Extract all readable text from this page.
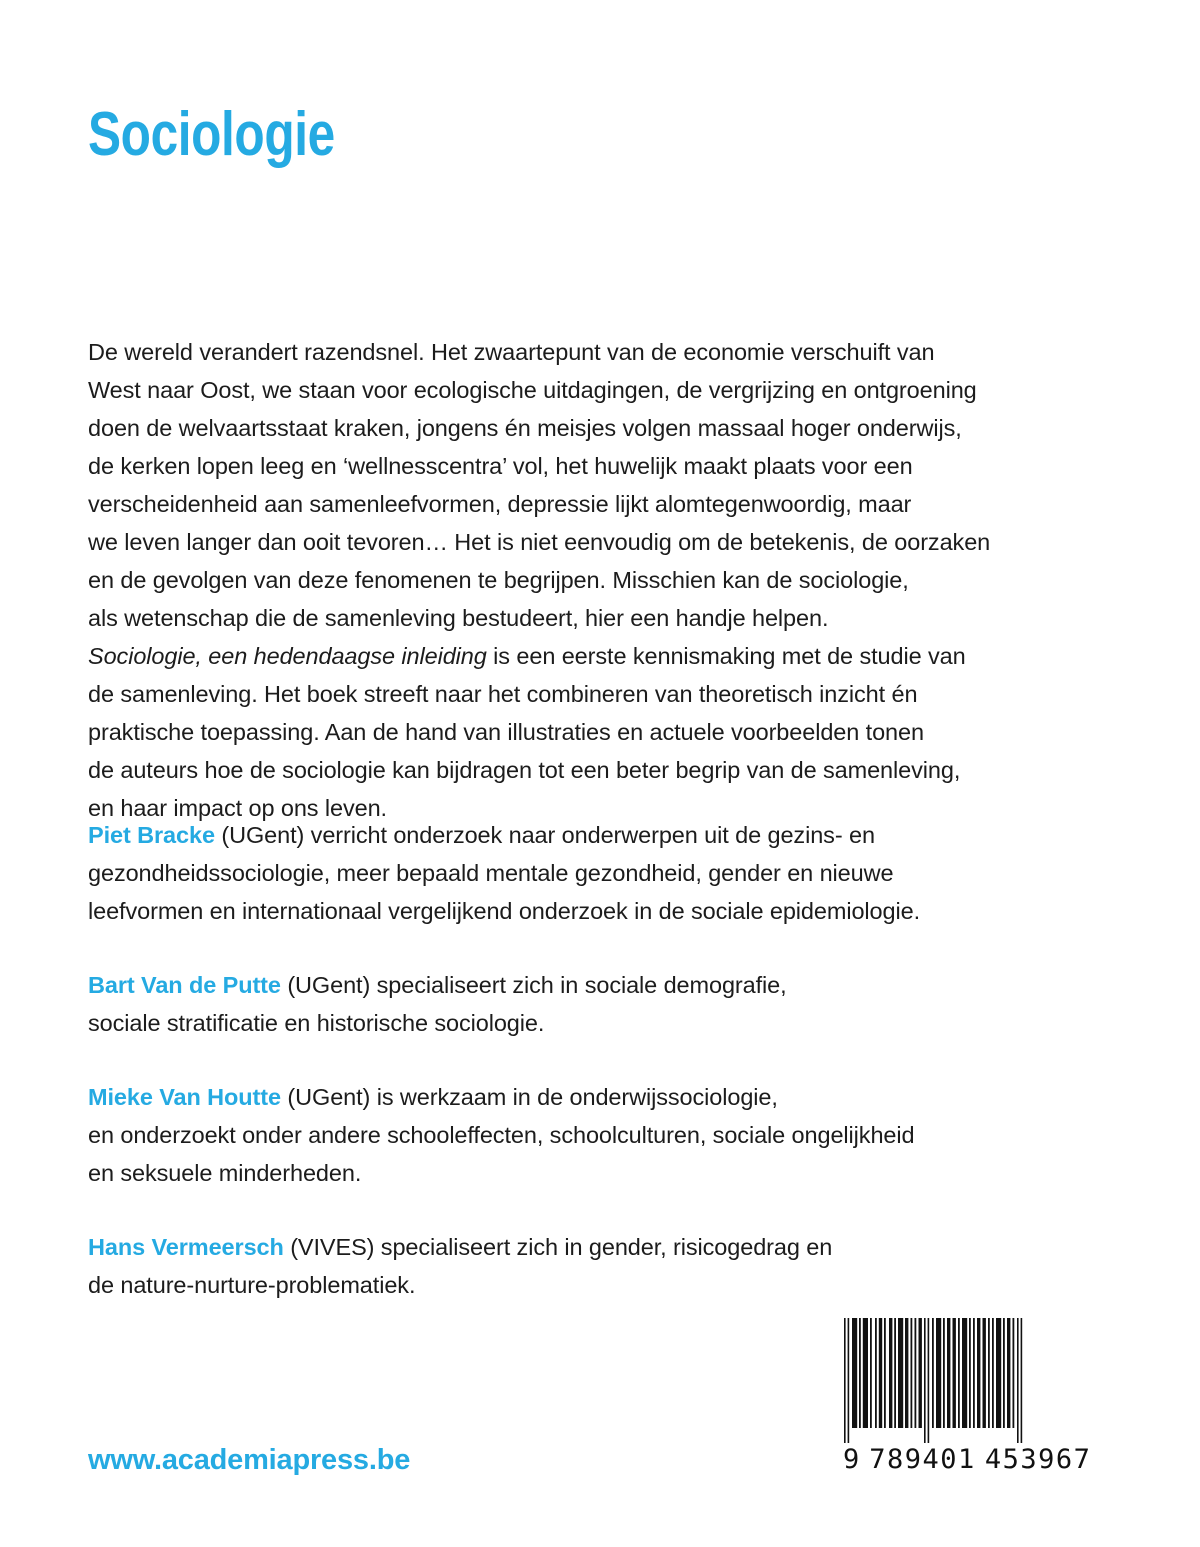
Sociologie
De wereld verandert razendsnel. Het zwaartepunt van de economie verschuift van
West naar Oost, we staan voor ecologische uitdagingen, de vergrijzing en ontgroening
doen de welvaartsstaat kraken, jongens én meisjes volgen massaal hoger onderwijs,
de kerken lopen leeg en ‘wellnesscentra’ vol, het huwelijk maakt plaats voor een
verscheidenheid aan samenleefvormen, depressie lijkt alomtegenwoordig, maar
we leven langer dan ooit tevoren… Het is niet eenvoudig om de betekenis, de oorzaken
en de gevolgen van deze fenomenen te begrijpen. Misschien kan de sociologie,
als wetenschap die de samenleving bestudeert, hier een handje helpen.
Sociologie, een hedendaagse inleiding is een eerste kennismaking met de studie van
de samenleving. Het boek streeft naar het combineren van theoretisch inzicht én
praktische toepassing. Aan de hand van illustraties en actuele voorbeelden tonen
de auteurs hoe de sociologie kan bijdragen tot een beter begrip van de samenleving,
en haar impact op ons leven.
Piet Bracke (UGent) verricht onderzoek naar onderwerpen uit de gezins- en
gezondheidssociologie, meer bepaald mentale gezondheid, gender en nieuwe
leefvormen en internationaal vergelijkend onderzoek in de sociale epidemiologie.
Bart Van de Putte (UGent) specialiseert zich in sociale demografie,
sociale stratificatie en historische sociologie.
Mieke Van Houtte (UGent) is werkzaam in de onderwijssociologie,
en onderzoekt onder andere schooleffecten, schoolculturen, sociale ongelijkheid
en seksuele minderheden.
Hans Vermeersch (VIVES) specialiseert zich in gender, risicogedrag en
de nature-nurture-problematiek.
9 789401 453967
www.academiapress.be
